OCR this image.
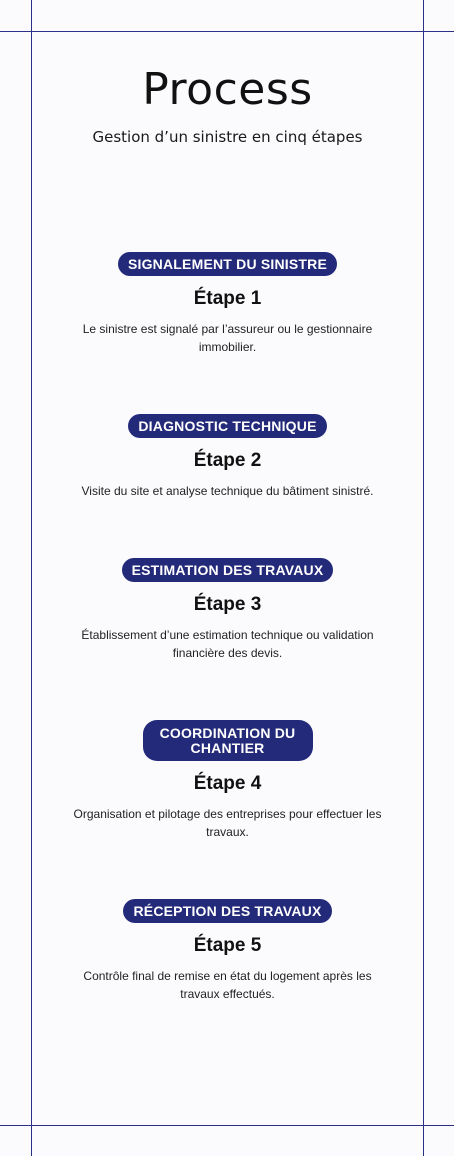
Process

Gestion d’un sinistre en cinq étapes

SIGNALEMENT DU SINISTRE
Étape 1
Le sinistre est signalé par l’assureur ou le gestionnaire immobilier.
DIAGNOSTIC TECHNIQUE
Étape 2
Visite du site et analyse technique du bâtiment sinistré.
ESTIMATION DES TRAVAUX
Étape 3
Établissement d’une estimation technique ou validation financière des devis.
COORDINATION DU CHANTIER
Étape 4
Organisation et pilotage des entreprises pour effectuer les travaux.
RÉCEPTION DES TRAVAUX
Étape 5
Contrôle final de remise en état du logement après les travaux effectués.
